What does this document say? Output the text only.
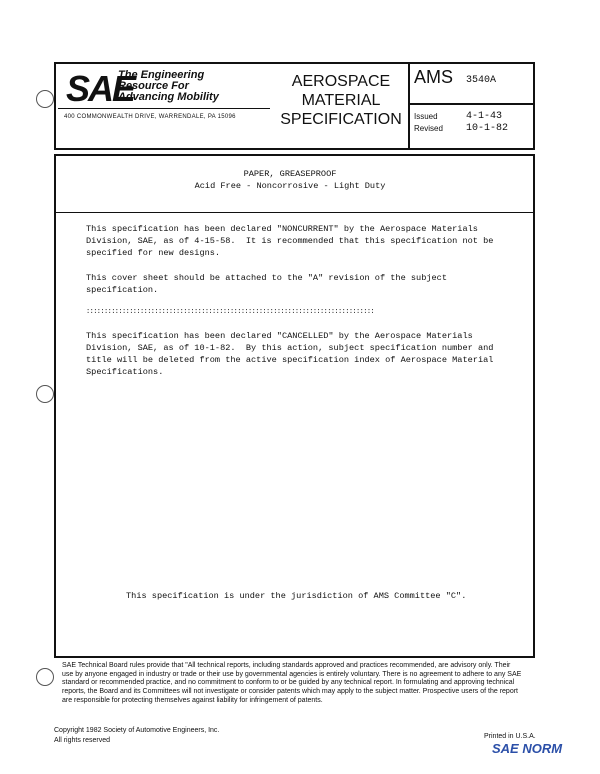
SAE
The Engineering
Resource For
Advancing Mobility
400 COMMONWEALTH DRIVE, WARRENDALE, PA 15096
AEROSPACE
MATERIAL
SPECIFICATION
AMS 3540A
Issued	4-1-43
Revised 10-1-82
PAPER, GREASEPROOF
Acid Free - Noncorrosive - Light Duty
This specification has been declared "NONCURRENT" by the Aerospace Materials
Division, SAE, as of 4-15-58.  It is recommended that this specification not be
specified for new designs.
This cover sheet should be attached to the "A" revision of the subject
specification.
::::::::::::::::::::::::::::::::::::::::::::::::::::::::::::::::::::::::::::::::
This specification has been declared "CANCELLED" by the Aerospace Materials
Division, SAE, as of 10-1-82.  By this action, subject specification number and
title will be deleted from the active specification index of Aerospace Material
Specifications.
This specification is under the jurisdiction of AMS Committee "C".
SAE Technical Board rules provide that "All technical reports, including standards approved and practices recommended, are advisory only. Their use by anyone engaged in industry or trade or their use by governmental agencies is entirely voluntary. There is no agreement to adhere to any SAE standard or recommended practice, and no commitment to conform to or be guided by any technical report. In formulating and approving technical reports, the Board and its Committees will not investigate or consider patents which may apply to the subject matter. Prospective users of the report are responsible for protecting themselves against liability for infringement of patents.
Copyright 1982 Society of Automotive Engineers, Inc.
All rights reserved
Printed in U.S.A.
SAE NORM
